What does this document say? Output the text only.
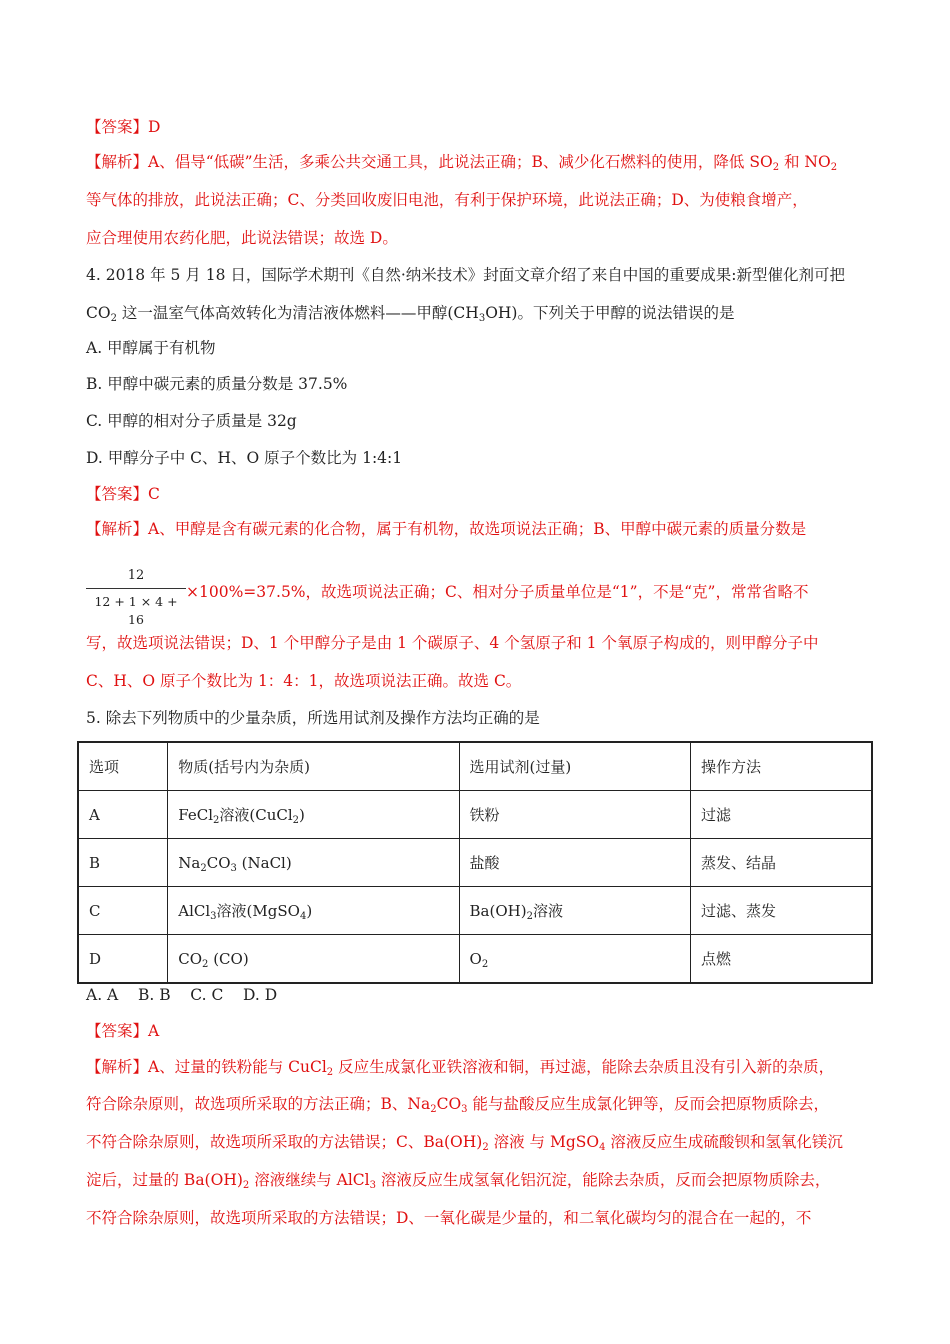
【答案】D
【解析】A、倡导“低碳”生活，多乘公共交通工具，此说法正确；B、减少化石燃料的使用，降低 $SO_2$ 和 $NO_2$
等气体的排放，此说法正确；C、分类回收废旧电池，有利于保护环境，此说法正确；D、为使粮食增产，
应合理使用农药化肥，此说法错误；故选 D。
4. 2018 年 5 月 18 日，国际学术期刊《自然·纳米技术》封面文章介绍了来自中国的重要成果:新型催化剂可把
$CO_2$ 这一温室气体高效转化为清洁液体燃料——甲醇$(CH_3OH)$。下列关于甲醇的说法错误的是
A. 甲醇属于有机物
B. 甲醇中碳元素的质量分数是 37.5%
C. 甲醇的相对分子质量是 32g
D. 甲醇分子中 C、H、O 原子个数比为 1:4:1
【答案】C
【解析】A、甲醇是含有碳元素的化合物，属于有机物，故选项说法正确；B、甲醇中碳元素的质量分数是
12
12 + 1 × 4 + 16
×100%=37.5%，故选项说法正确；C、相对分子质量单位是“1”，不是“克”，常常省略不
写，故选项说法错误；D、1 个甲醇分子是由 1 个碳原子、4 个氢原子和 1 个氧原子构成的，则甲醇分子中
C、H、O 原子个数比为 1：4：1，故选项说法正确。故选 C。
5. 除去下列物质中的少量杂质，所选用试剂及操作方法均正确的是
选项	物质(括号内为杂质)	选用试剂(过量)	操作方法
A	FeCl$_2$溶液(CuCl$_2$)	铁粉	过滤
B	$Na_2CO_3$ (NaCl)	盐酸	蒸发、结晶
C	AlCl$_3$溶液(MgSO$_4$)	$Ba(OH)_2$溶液	过滤、蒸发
D	$CO_2$ (CO)	$O_2$	点燃
A. A    B. B    C. C    D. D
【答案】A
【解析】A、过量的铁粉能与 CuCl$_2$ 反应生成氯化亚铁溶液和铜，再过滤，能除去杂质且没有引入新的杂质，
符合除杂原则，故选项所采取的方法正确；B、$Na_2CO_3$ 能与盐酸反应生成氯化钾等，反而会把原物质除去，
不符合除杂原则，故选项所采取的方法错误；C、$Ba(OH)_2$ 溶液 与 MgSO$_4$ 溶液反应生成硫酸钡和氢氧化镁沉
淀后，过量的 $Ba(OH)_2$ 溶液继续与 AlCl$_3$ 溶液反应生成氢氧化铝沉淀，能除去杂质，反而会把原物质除去，
不符合除杂原则，故选项所采取的方法错误；D、一氧化碳是少量的，和二氧化碳均匀的混合在一起的，不
